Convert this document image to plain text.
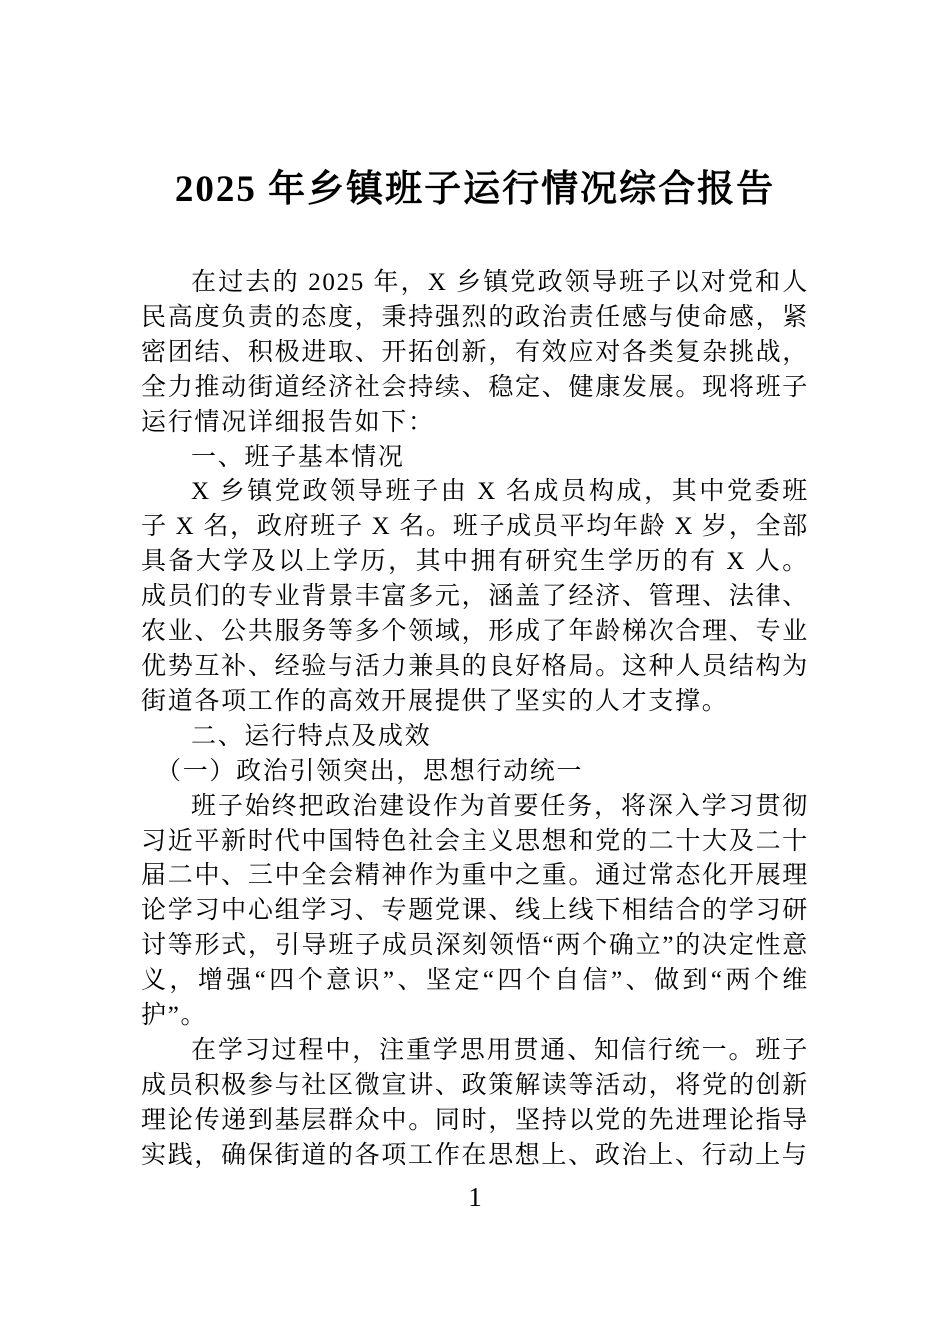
2025 年乡镇班子运行情况综合报告

在过去的 2025 年，X 乡镇党政领导班子以对党和人民高度负责的态度，秉持强烈的政治责任感与使命感，紧密团结、积极进取、开拓创新，有效应对各类复杂挑战，全力推动街道经济社会持续、稳定、健康发展。现将班子运行情况详细报告如下：

一、班子基本情况

X 乡镇党政领导班子由 X 名成员构成，其中党委班子 X 名，政府班子 X 名。班子成员平均年龄 X 岁，全部具备大学及以上学历，其中拥有研究生学历的有 X 人。成员们的专业背景丰富多元，涵盖了经济、管理、法律、农业、公共服务等多个领域，形成了年龄梯次合理、专业优势互补、经验与活力兼具的良好格局。这种人员结构为街道各项工作的高效开展提供了坚实的人才支撑。

二、运行特点及成效

（一）政治引领突出，思想行动统一

班子始终把政治建设作为首要任务，将深入学习贯彻习近平新时代中国特色社会主义思想和党的二十大及二十届二中、三中全会精神作为重中之重。通过常态化开展理论学习中心组学习、专题党课、线上线下相结合的学习研讨等形式，引导班子成员深刻领悟“两个确立”的决定性意义，增强“四个意识”、坚定“四个自信”、做到“两个维护”。

在学习过程中，注重学思用贯通、知信行统一。班子成员积极参与社区微宣讲、政策解读等活动，将党的创新理论传递到基层群众中。同时，坚持以党的先进理论指导实践，确保街道的各项工作在思想上、政治上、行动上与

1
